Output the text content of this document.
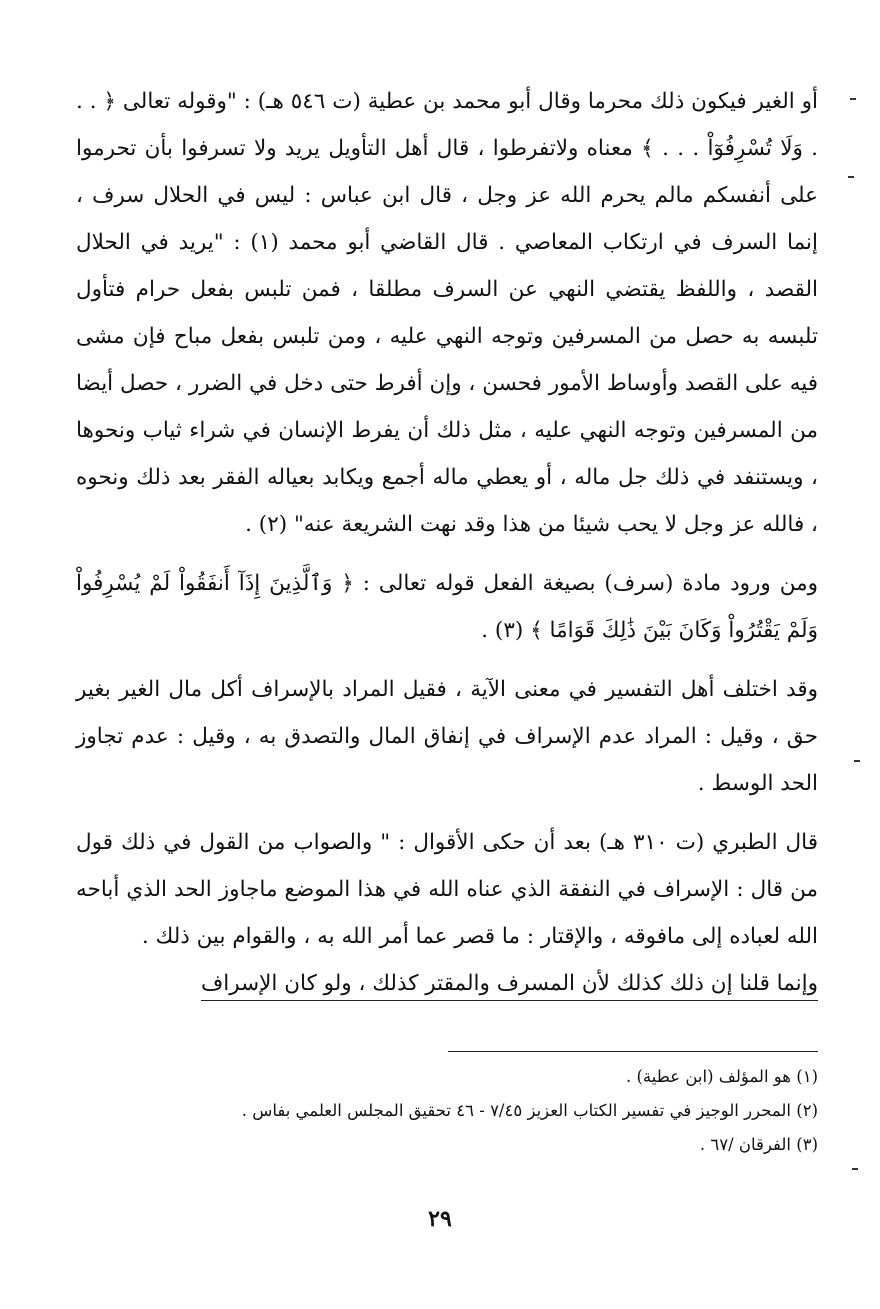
أو الغير فيكون ذلك محرما وقال أبو محمد بن عطية (ت ٥٤٦ هـ) : "وقوله تعالى ﴿ . . . وَلَا تُسْرِفُوٓاْ . . . ﴾ معناه ولاتفرطوا ، قال أهل التأويل يريد ولا تسرفوا بأن تحرموا على أنفسكم مالم يحرم الله عز وجل ، قال ابن عباس : ليس في الحلال سرف ، إنما السرف في ارتكاب المعاصي . قال القاضي أبو محمد (١) : "يريد في الحلال القصد ، واللفظ يقتضي النهي عن السرف مطلقا ، فمن تلبس بفعل حرام فتأول تلبسه به حصل من المسرفين وتوجه النهي عليه ، ومن تلبس بفعل مباح فإن مشى فيه على القصد وأوساط الأمور فحسن ، وإن أفرط حتى دخل في الضرر ، حصل أيضا من المسرفين وتوجه النهي عليه ، مثل ذلك أن يفرط الإنسان في شراء ثياب ونحوها ، ويستنفد في ذلك جل ماله ، أو يعطي ماله أجمع ويكابد بعياله الفقر بعد ذلك ونحوه ، فالله عز وجل لا يحب شيئا من هذا وقد نهت الشريعة عنه" (٢) .

ومن ورود مادة (سرف) بصيغة الفعل قوله تعالى : ﴿ وَٱلَّذِينَ إِذَآ أَنفَقُواْ لَمْ يُسْرِفُواْ وَلَمْ يَقْتُرُواْ وَكَانَ بَيْنَ ذَٰلِكَ قَوَامًا ﴾ (٣) .

وقد اختلف أهل التفسير في معنى الآية ، فقيل المراد بالإسراف أكل مال الغير بغير حق ، وقيل : المراد عدم الإسراف في إنفاق المال والتصدق به ، وقيل : عدم تجاوز الحد الوسط .

قال الطبري (ت ٣١٠ هـ) بعد أن حكى الأقوال : " والصواب من القول في ذلك قول من قال : الإسراف في النفقة الذي عناه الله في هذا الموضع ماجاوز الحد الذي أباحه الله لعباده إلى مافوقه ، والإقتار : ما قصر عما أمر الله به ، والقوام بين ذلك .

وإنما قلنا إن ذلك كذلك لأن المسرف والمقتر كذلك ، ولو كان الإسراف

(١) هو المؤلف (ابن عطية) .

(٢) المحرر الوجيز في تفسير الكتاب العزيز ٧/٤٥ - ٤٦ تحقيق المجلس العلمي بفاس .

(٣) الفرقان /٦٧ .

٢٩
